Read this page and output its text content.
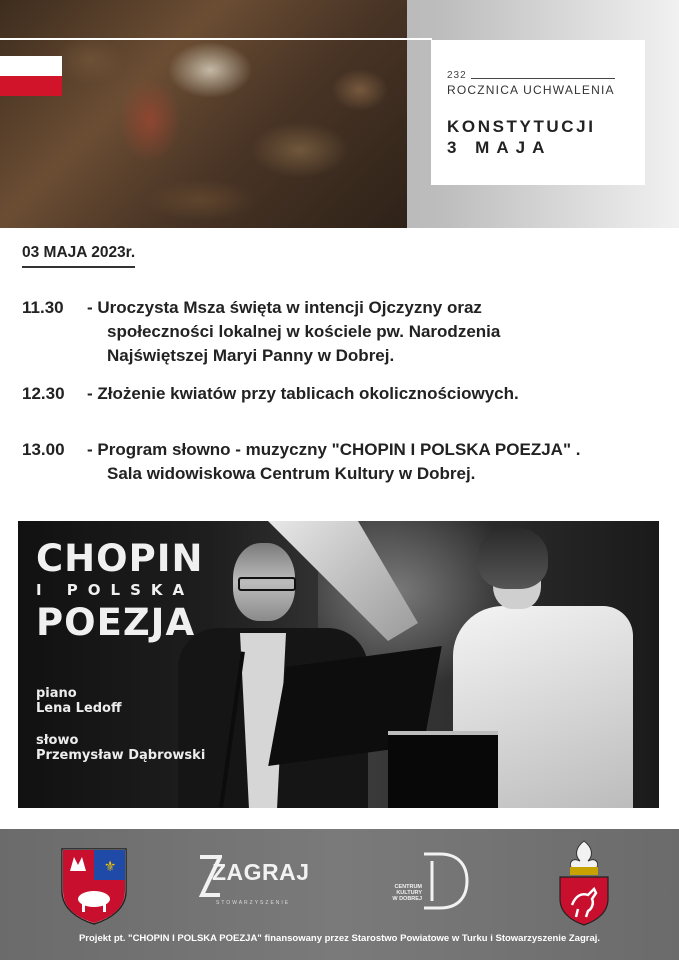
232
ROCZNICA UCHWALENIA
KONSTYTUCJI
3 MAJA
03 MAJA 2023r.
11.30 - Uroczysta Msza święta w intencji Ojczyzny oraz
społeczności lokalnej w kościele pw. Narodzenia
Najświętszej Maryi Panny w Dobrej.
12.30 - Złożenie kwiatów przy tablicach okolicznościowych.
13.00 - Program słowno - muzyczny "CHOPIN I POLSKA POEZJA" .
Sala widowiskowa Centrum Kultury w Dobrej.
CHOPIN
I POLSKA
POEZJA
piano
Lena Ledoff
słowo
Przemysław Dąbrowski
⚜	ZAGRAJ
STOWARZYSZENIE
CENTRUM
KULTURY
W DOBREJ
Projekt pt. "CHOPIN I POLSKA POEZJA" finansowany przez Starostwo Powiatowe w Turku i Stowarzyszenie Zagraj.
